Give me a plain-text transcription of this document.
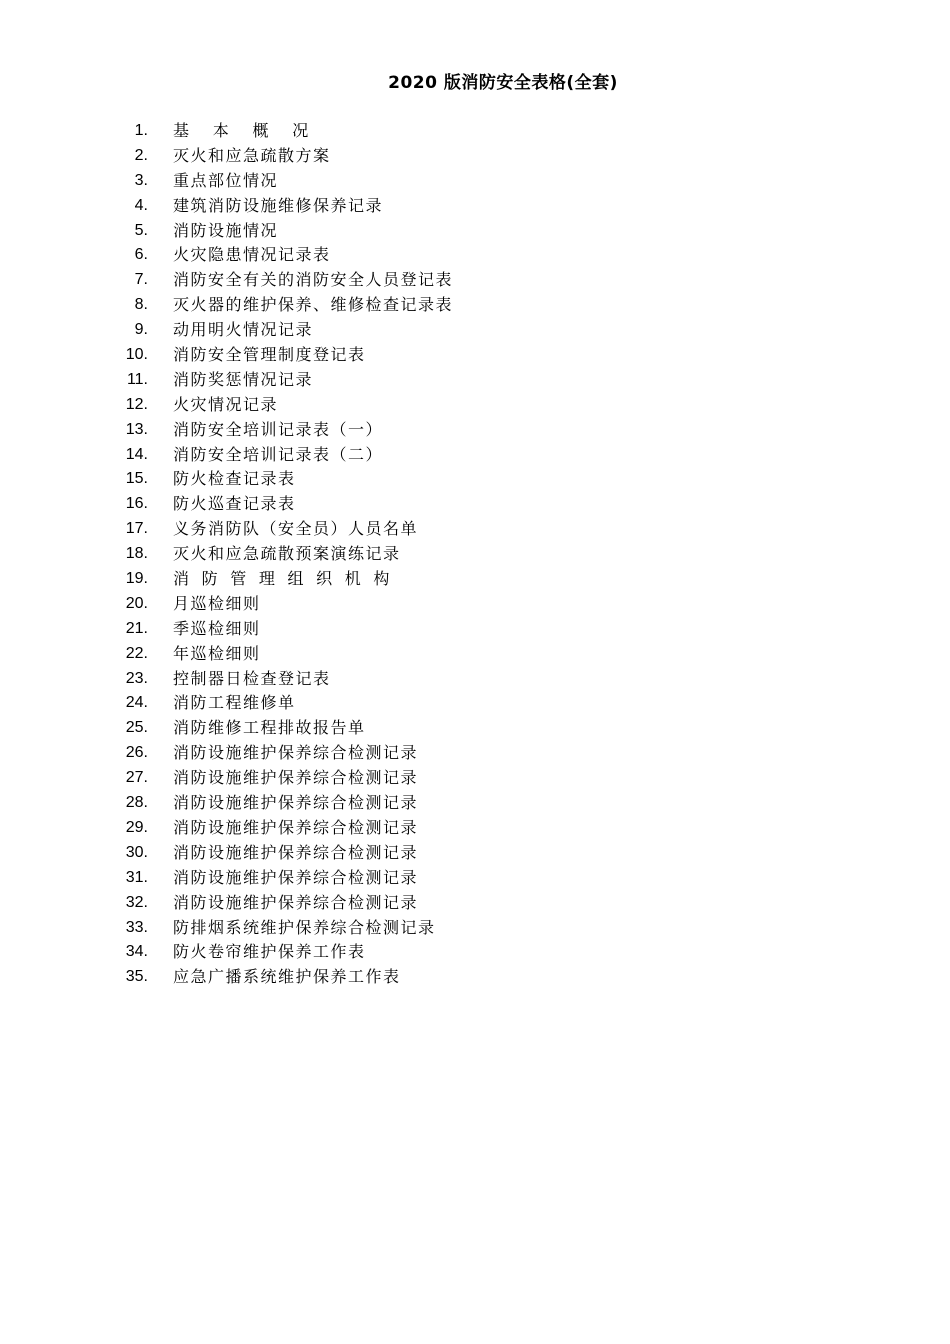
2020 版消防安全表格(全套)
1. 基  本  概  况
2. 灭火和应急疏散方案
3. 重点部位情况
4. 建筑消防设施维修保养记录
5. 消防设施情况
6. 火灾隐患情况记录表
7. 消防安全有关的消防安全人员登记表
8. 灭火器的维护保养、维修检查记录表
9. 动用明火情况记录
10. 消防安全管理制度登记表
11. 消防奖惩情况记录
12. 火灾情况记录
13. 消防安全培训记录表（一）
14. 消防安全培训记录表（二）
15. 防火检查记录表
16. 防火巡查记录表
17. 义务消防队（安全员）人员名单
18. 灭火和应急疏散预案演练记录
19. 消 防 管 理 组 织 机 构
20. 月巡检细则
21. 季巡检细则
22. 年巡检细则
23. 控制器日检查登记表
24. 消防工程维修单
25. 消防维修工程排故报告单
26. 消防设施维护保养综合检测记录
27. 消防设施维护保养综合检测记录
28. 消防设施维护保养综合检测记录
29. 消防设施维护保养综合检测记录
30. 消防设施维护保养综合检测记录
31. 消防设施维护保养综合检测记录
32. 消防设施维护保养综合检测记录
33. 防排烟系统维护保养综合检测记录
34. 防火卷帘维护保养工作表
35. 应急广播系统维护保养工作表
